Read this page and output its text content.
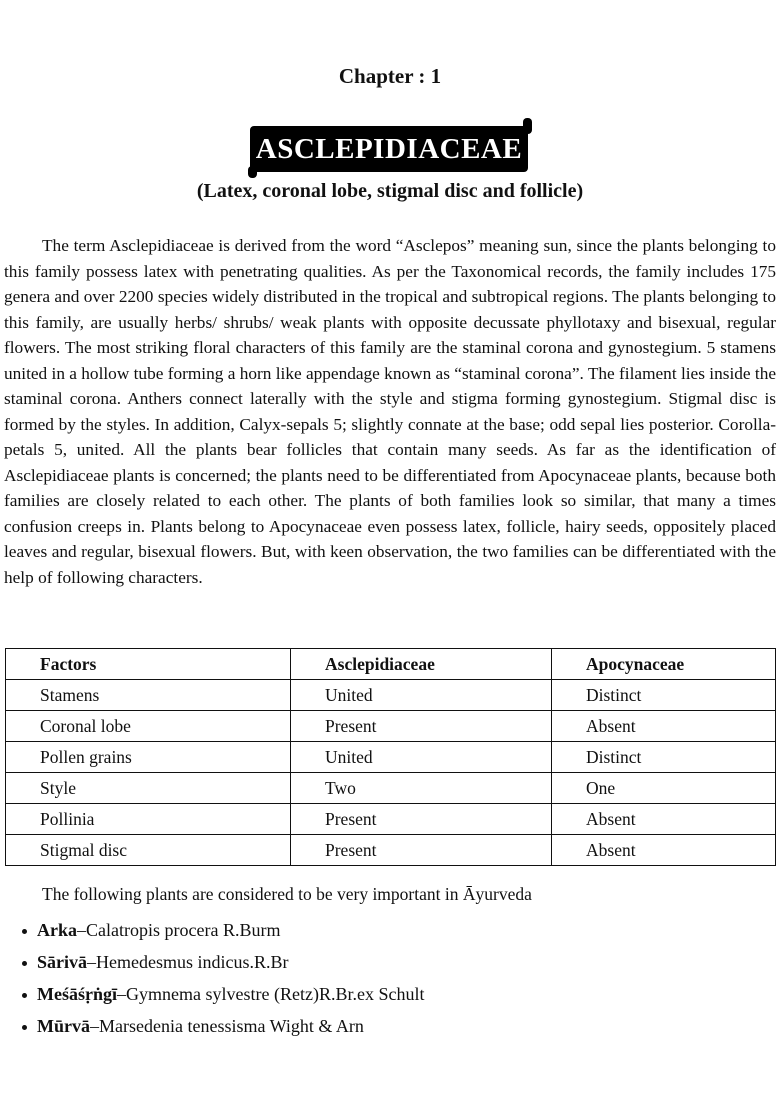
Chapter : 1
ASCLEPIDIACEAE
(Latex, coronal lobe, stigmal disc and follicle)
The term Asclepidiaceae is derived from the word “Asclepos” meaning sun, since the plants belonging to this family possess latex with penetrating qualities. As per the Taxonomical records, the family includes 175 genera and over 2200 species widely distributed in the tropical and subtropical regions. The plants belonging to this family, are usually herbs/ shrubs/ weak plants with opposite decussate phyllotaxy and bisexual, regular flowers. The most striking floral characters of this family are the staminal corona and gynostegium. 5 stamens united in a hollow tube forming a horn like appendage known as “staminal corona”. The filament lies inside the staminal corona. Anthers connect laterally with the style and stigma forming gynostegium. Stigmal disc is formed by the styles. In addition, Calyx-sepals 5; slightly connate at the base; odd sepal lies posterior. Corolla-petals 5, united. All the plants bear follicles that contain many seeds. As far as the identification of Asclepidiaceae plants is concerned; the plants need to be differentiated from Apocynaceae plants, because both families are closely related to each other. The plants of both families look so similar, that many a times confusion creeps in. Plants belong to Apocynaceae even possess latex, follicle, hairy seeds, oppositely placed leaves and regular, bisexual flowers. But, with keen observation, the two families can be differentiated with the help of following characters.
Factors	Asclepidiaceae	Apocynaceae
Stamens	United	Distinct
Coronal lobe	Present	Absent
Pollen grains	United	Distinct
Style	Two	One
Pollinia	Present	Absent
Stigmal disc	Present	Absent
The following plants are considered to be very important in Āyurveda
Arka–Calatropis procera R.Burm
Sārivā–Hemedesmus indicus.R.Br
Meśāśṛṅgī–Gymnema sylvestre (Retz)R.Br.ex Schult
Mūrvā–Marsedenia tenessisma Wight & Arn
